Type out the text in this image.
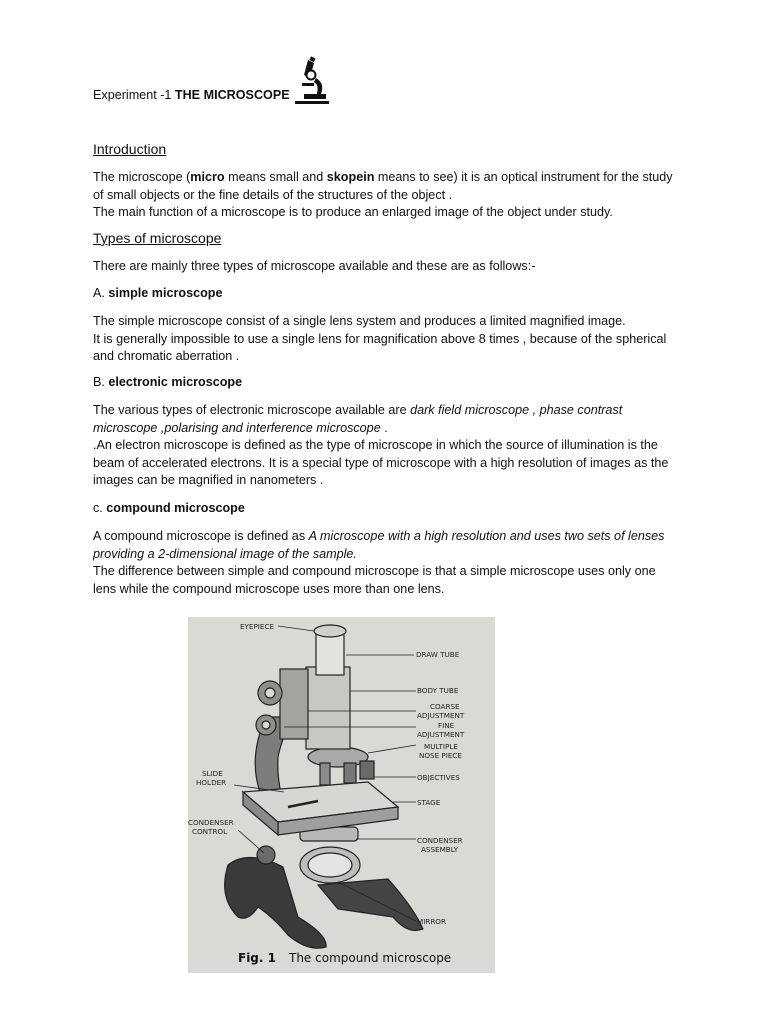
Experiment -1 THE MICROSCOPE
Introduction

The microscope (micro means small and skopein means to see) it is an optical instrument for the study of small objects or the fine details of the structures of the object .
The main function of a microscope is to produce an enlarged image of the object under study.

Types of microscope

There are mainly three types of microscope available and these are as follows:-

A. simple microscope

The simple microscope consist of a single lens system and produces a limited magnified image.
It is generally impossible to use a single lens for magnification above 8 times , because of the spherical and chromatic aberration .

B. electronic microscope

The various types of electronic microscope available are dark field microscope , phase contrast microscope ,polarising and interference microscope .
.An electron microscope is defined as the type of microscope in which the source of illumination is the beam of accelerated electrons. It is a special type of microscope with a high resolution of images as the images can be magnified in nanometers .

c. compound microscope

A compound microscope is defined as A microscope with a high resolution and uses two sets of lenses providing a 2-dimensional image of the sample.
The difference between simple and compound microscope is that a simple microscope uses only one lens while the compound microscope uses more than one lens.

EYEPIECE
DRAW TUBE
BODY TUBE
COARSE
ADJUSTMENT
FINE
ADJUSTMENT
MULTIPLE
NOSE PIECE
OBJECTIVES
STAGE
SLIDE
HOLDER
CONDENSER
CONTROL
CONDENSER
ASSEMBLY
MIRROR
Fig. 1 The compound microscope
